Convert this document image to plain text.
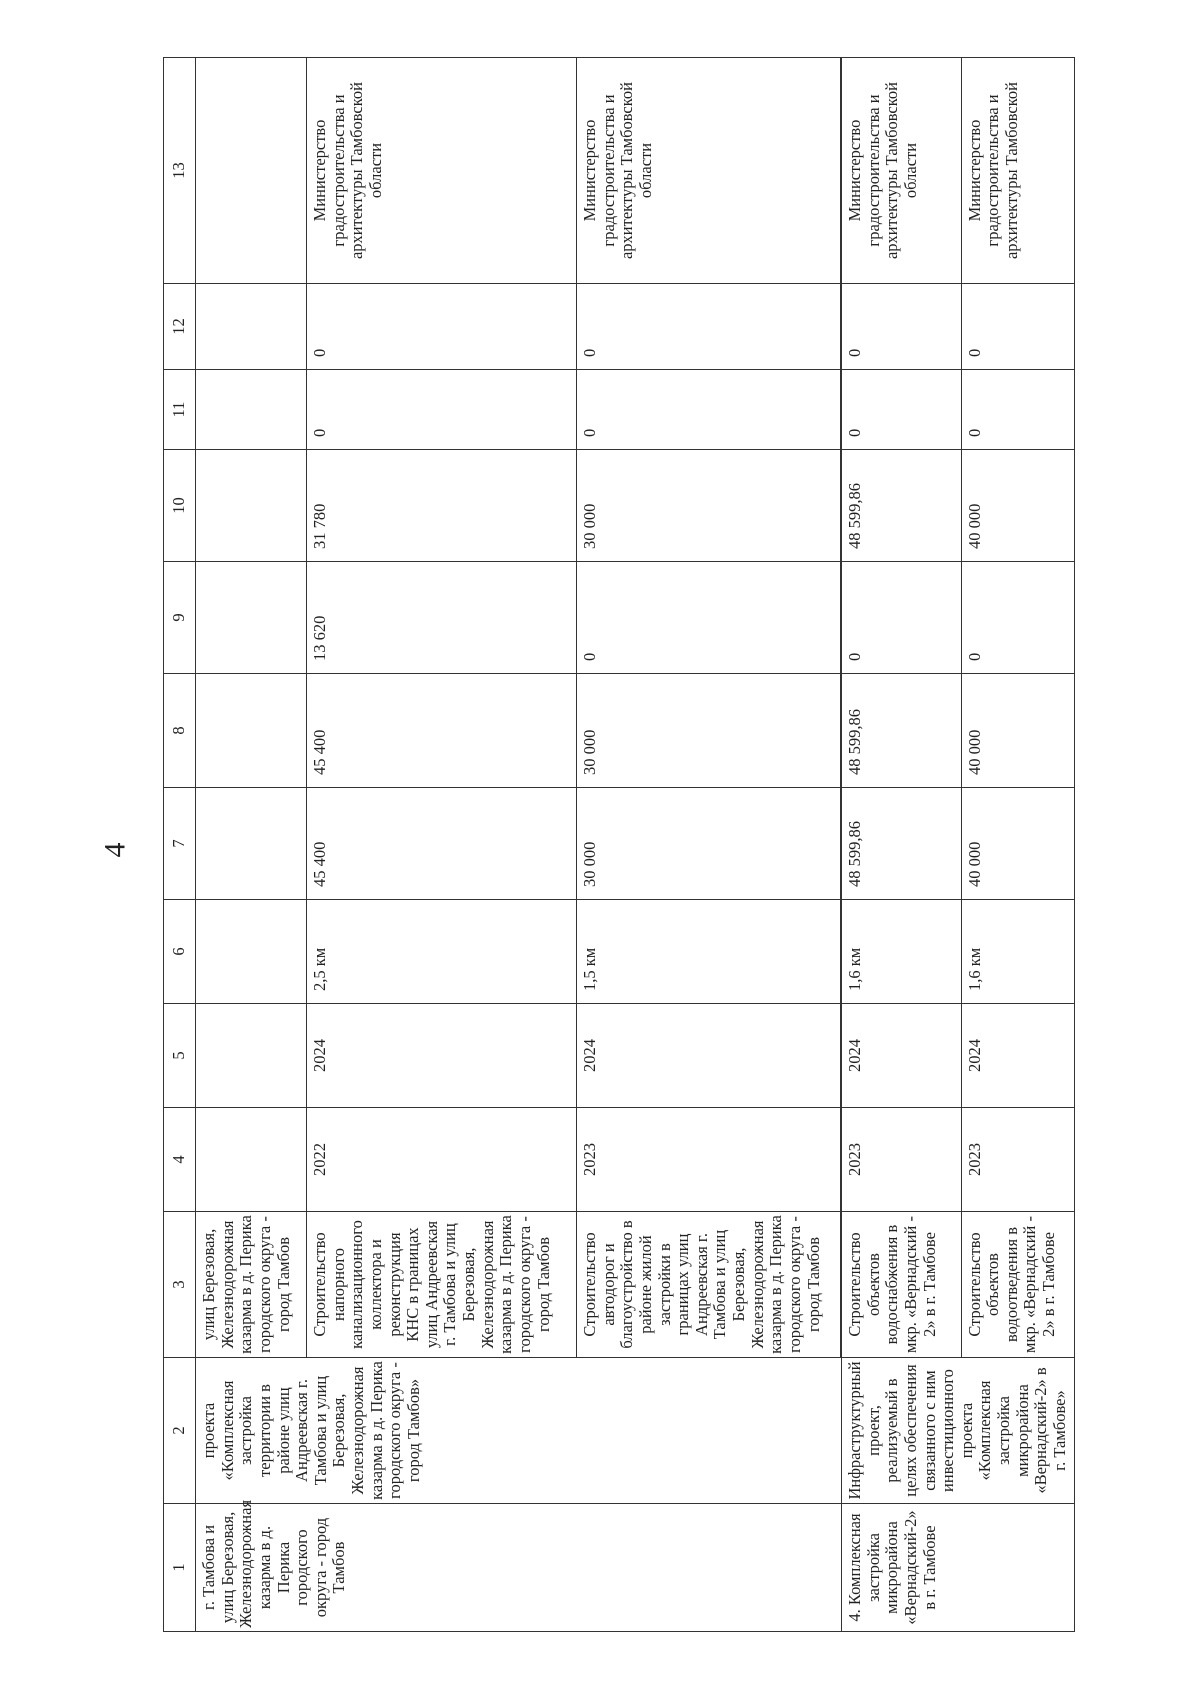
4
1	2	3	4	5	6	7	8	9	10	11	12	13
г. Тамбова и улиц Березовая, Железнодорожная казарма в д. Перика городского округа - город Тамбов	проекта «Комплексная застройка территории в районе улиц Андреевская г. Тамбова и улиц Березовая, Железнодорожная казарма в д. Перика городского округа - город Тамбов»	улиц Березовая, Железнодорожная казарма в д. Перика городского округа - город Тамбов										
		Строительство напорного канализационного коллектора и реконструкция КНС в границах улиц Андреевская г. Тамбова и улиц Березовая, Железнодорожная казарма в д. Перика городского округа - город Тамбов	2022	2024	2,5 км	45 400	45 400	13 620	31 780	0	0	Министерство градостроительства и архитектуры Тамбовской области
		Строительство автодорог и благоустройство в районе жилой застройки в границах улиц Андреевская г. Тамбова и улиц Березовая, Железнодорожная казарма в д. Перика городского округа - город Тамбов	2023	2024	1,5 км	30 000	30 000	0	30 000	0	0	Министерство градостроительства и архитектуры Тамбовской области

4. Комплексная застройка микрорайона «Вернадский-2» в г. Тамбове	Инфраструктурный проект, реализуемый в целях обеспечения связанного с ним инвестиционного проекта «Комплексная застройка микрорайона «Вернадский-2» в г. Тамбове»	Строительство объектов водоснабжения в мкр. «Вернадский - 2» в г. Тамбове	2023	2024	1,6 км	48 599,86	48 599,86	0	48 599,86	0	0	Министерство градостроительства и архитектуры Тамбовской области
		Строительство объектов водоотведения в мкр. «Вернадский - 2» в г. Тамбове	2023	2024	1,6 км	40 000	40 000	0	40 000	0	0	Министерство градостроительства и архитектуры Тамбовской
